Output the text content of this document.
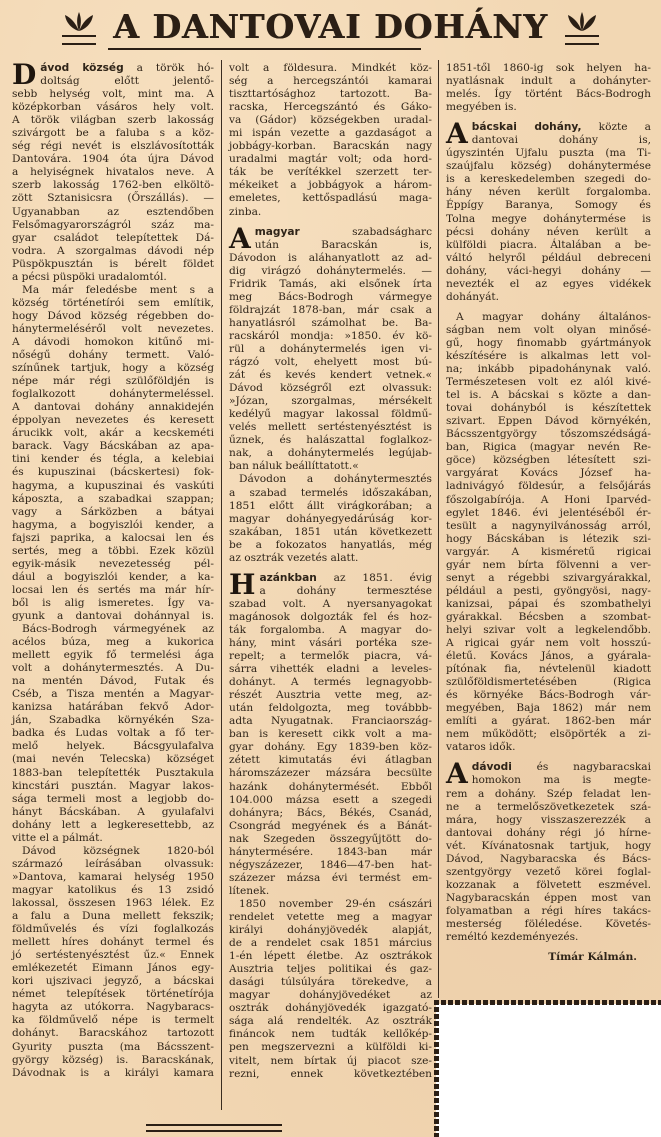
A DANTOVAI DOHÁNY
D ávod község a török hó-
doltság előtt jelentő-
sebb helység volt, mint ma. A
középkorban vásáros hely volt.
A török világban szerb lakosság
szivárgott be a faluba s a köz-
ség régi nevét is elszlávosították
Dantovára. 1904 óta újra Dávod
a helyiségnek hivatalos neve. A
szerb lakosság 1762-ben elköltö-
zött Sztanisicsra (Őrszállás). —
Ugyanabban az esztendőben
Felsőmagyarországról száz ma-
gyar családot telepítettek Dá-
vodra. A szorgalmas dávodi nép
Püspökpusztán is bérelt földet
a pécsi püspöki uradalomtól.
Ma már feledésbe ment s a
község történetírói sem említik,
hogy Dávod község régebben do-
hánytermeléséről volt nevezetes.
A dávodi homokon kitűnő mi-
nőségű dohány termett. Való-
színűnek tartjuk, hogy a község
népe már régi szülőföldjén is
foglalkozott dohánytermeléssel.
A dantovai dohány annakidején
éppolyan nevezetes és keresett
árucikk volt, akár a kecskeméti
barack. Vagy Bácskában az apa-
tini kender és tégla, a kelebiai
és kupuszinai (bácskertesi) fok-
hagyma, a kupuszinai és vaskúti
káposzta, a szabadkai szappan;
vagy a Sárközben a bátyai
hagyma, a bogyiszlói kender, a
fajszi paprika, a kalocsai len és
sertés, meg a többi. Ezek közül
egyik-másik nevezetesség pél-
dául a bogyiszlói kender, a ka-
locsai len és sertés ma már hír-
ből is alig ismeretes. Így va-
gyunk a dantovai dohánnyal is.
Bács-Bodrogh vármegyének az
acélos búza, meg a kukorica
mellett egyik fő termelési ága
volt a dohánytermesztés. A Du-
na mentén Dávod, Futak és
Cséb, a Tisza mentén a Magyar-
kanizsa határában fekvő Ador-
ján, Szabadka környékén Sza-
badka és Ludas voltak a fő ter-
melő helyek. Bácsgyulafalva
(mai nevén Telecska) községet
1883-ban telepítették Pusztakula
kincstári pusztán. Magyar lakos-
sága termeli most a legjobb do-
hányt Bácskában. A gyulafalvi
dohány lett a legkeresettebb, az
vitte el a pálmát.
Dávod községnek 1820-ból
származó leírásában olvassuk:
»Dantova, kamarai helység 1950
magyar katolikus és 13 zsidó
lakossal, összesen 1963 lélek. Ez
a falu a Duna mellett fekszik;
földművelés és vízi foglalkozás
mellett híres dohányt termel és
jó sertéstenyésztést űz.« Ennek
emlékezetét Eimann János egy-
kori ujszivaci jegyző, a bácskai
német telepítések történetírója
hagyta az utókorra. Nagybaracs-
ka földművelő népe is termelt
dohányt. Baracskához tartozott
Gyurity puszta (ma Bácsszent-
györgy község) is. Baracskának,
Dávodnak is a királyi kamara
volt a földesura. Mindkét köz-
ség a hercegszántói kamarai
tiszttartósághoz tartozott. Ba-
racska, Hercegszántó és Gáko-
va (Gádor) községekben uradal-
mi ispán vezette a gazdaságot a
jobbágy-korban. Baracskán nagy
uradalmi magtár volt; oda hord-
ták be verítékkel szerzett ter-
mékeiket a jobbágyok a három-
emeletes, kettőspadlású maga-
zinba.
A magyar szabadságharc
után Baracskán is,
Dávodon is aláhanyatlott az ad-
dig virágzó dohánytermelés. —
Fridrik Tamás, aki elsőnek írta
meg Bács-Bodrogh vármegye
földrajzát 1878-ban, már csak a
hanyatlásról számolhat be. Ba-
racskáról mondja: »1850. év kö-
rül a dohánytermelés igen vi-
rágzó volt, ehelyett most bú-
zát és kevés kendert vetnek.«
Dávod községről ezt olvassuk:
»Józan, szorgalmas, mérsékelt
kedélyű magyar lakossal földmű-
velés mellett sertéstenyésztést is
űznek, és halászattal foglalkoz-
nak, a dohánytermelés legújab-
ban náluk beállíttatott.«
Dávodon a dohánytermesztés
a szabad termelés időszakában,
1851 előtt állt virágkorában; a
magyar dohányegyedárúság kor-
szakában, 1851 után következett
be a fokozatos hanyatlás, még
az osztrák vezetés alatt.
H azánkban az 1851. évig
a dohány termesztése
szabad volt. A nyersanyagokat
magánosok dolgozták fel és hoz-
ták forgalomba. A magyar do-
hány, mint vásári portéka sze-
repelt; a termelők piacra, vá-
sárra vihették eladni a leveles-
dohányt. A termés legnagyobb-
részét Ausztria vette meg, az-
után feldolgozta, meg továbbb-
adta Nyugatnak. Franciaország-
ban is keresett cikk volt a ma-
gyar dohány. Egy 1839-ben köz-
zétett kimutatás évi átlagban
háromszázezer mázsára becsülte
hazánk dohánytermését. Ebből
104.000 mázsa esett a szegedi
dohányra; Bács, Békés, Csanád,
Csongrád megyének és a Bánát-
nak Szegeden összegyűjtött do-
hánytermésére. 1843-ban már
négyszázezer, 1846—47-ben hat-
százezer mázsa évi termést em-
lítenek.
1850 november 29-én császári
rendelet vetette meg a magyar
királyi dohányjövedék alapját,
de a rendelet csak 1851 március
1-én lépett életbe. Az osztrákok
Ausztria teljes politikai és gaz-
dasági túlsúlyára törekedve, a
magyar dohányjövedéket az
osztrák dohányjövedék igazgató-
sága alá rendelték. Az osztrák
fináncok nem tudták kellőkép-
pen megszervezni a külföldi ki-
vitelt, nem bírtak új piacot sze-
rezni, ennek következtében
1851-től 1860-ig sok helyen ha-
nyatlásnak indult a dohányter-
melés. Így történt Bács-Bodrogh
megyében is.
A bácskai dohány, közte a
dantovai dohány is,
úgyszintén Ujfalu puszta (ma Ti-
szaújfalu község) dohánytermése
is a kereskedelemben szegedi do-
hány néven került forgalomba.
Éppígy Baranya, Somogy és
Tolna megye dohánytermése is
pécsi dohány néven került a
külföldi piacra. Általában a be-
váltó helyről például debreceni
dohány, váci-hegyi dohány —
nevezték el az egyes vidékek
dohányát.
A magyar dohány általános-
ságban nem volt olyan minősé-
gű, hogy finomabb gyártmányok
készítésére is alkalmas lett vol-
na; inkább pipadohánynak való.
Természetesen volt ez alól kivé-
tel is. A bácskai s közte a dan-
tovai dohányból is készítettek
szivart. Eppen Dávod környékén,
Bácsszentgyörgy tőszomszédságá-
ban, Rigica (magyar nevén Re-
göce) községben létesített szi-
vargyárat Kovács József ha-
ladnivágyó földesúr, a felsőjárás
főszolgabírója. A Honi Iparvéd-
egylet 1846. évi jelentéséből ér-
tesült a nagynyilvánosság arról,
hogy Bácskában is létezik szi-
vargyár. A kisméretű rigicai
gyár nem bírta fölvenni a ver-
senyt a régebbi szivargyárakkal,
például a pesti, gyöngyösi, nagy-
kanizsai, pápai és szombathelyi
gyárakkal. Bécsben a szombat-
helyi szivar volt a legkelendőbb.
A rigicai gyár nem volt hosszú-
életű. Kovács János, a gyárala-
pítónak fia, névtelenül kiadott
szülőföldismertetésében (Rigica
és környéke Bács-Bodrogh vár-
megyében, Baja 1862) már nem
említi a gyárat. 1862-ben már
nem működött; elsöpörték a zi-
vataros idők.
A dávodi és nagybaracskai
homokon ma is megte-
rem a dohány. Szép feladat len-
ne a termelőszövetkezetek szá-
mára, hogy visszaszerezzék a
dantovai dohány régi jó hírne-
vét. Kívánatosnak tartjuk, hogy
Dávod, Nagybaracska és Bács-
szentgyörgy vezető körei foglal-
kozzanak a fölvetett eszmével.
Nagybaracskán éppen most van
folyamatban a régi híres takács-
mesterség föléledése. Követés-
reméltó kezdeményezés.
Tímár Kálmán.
